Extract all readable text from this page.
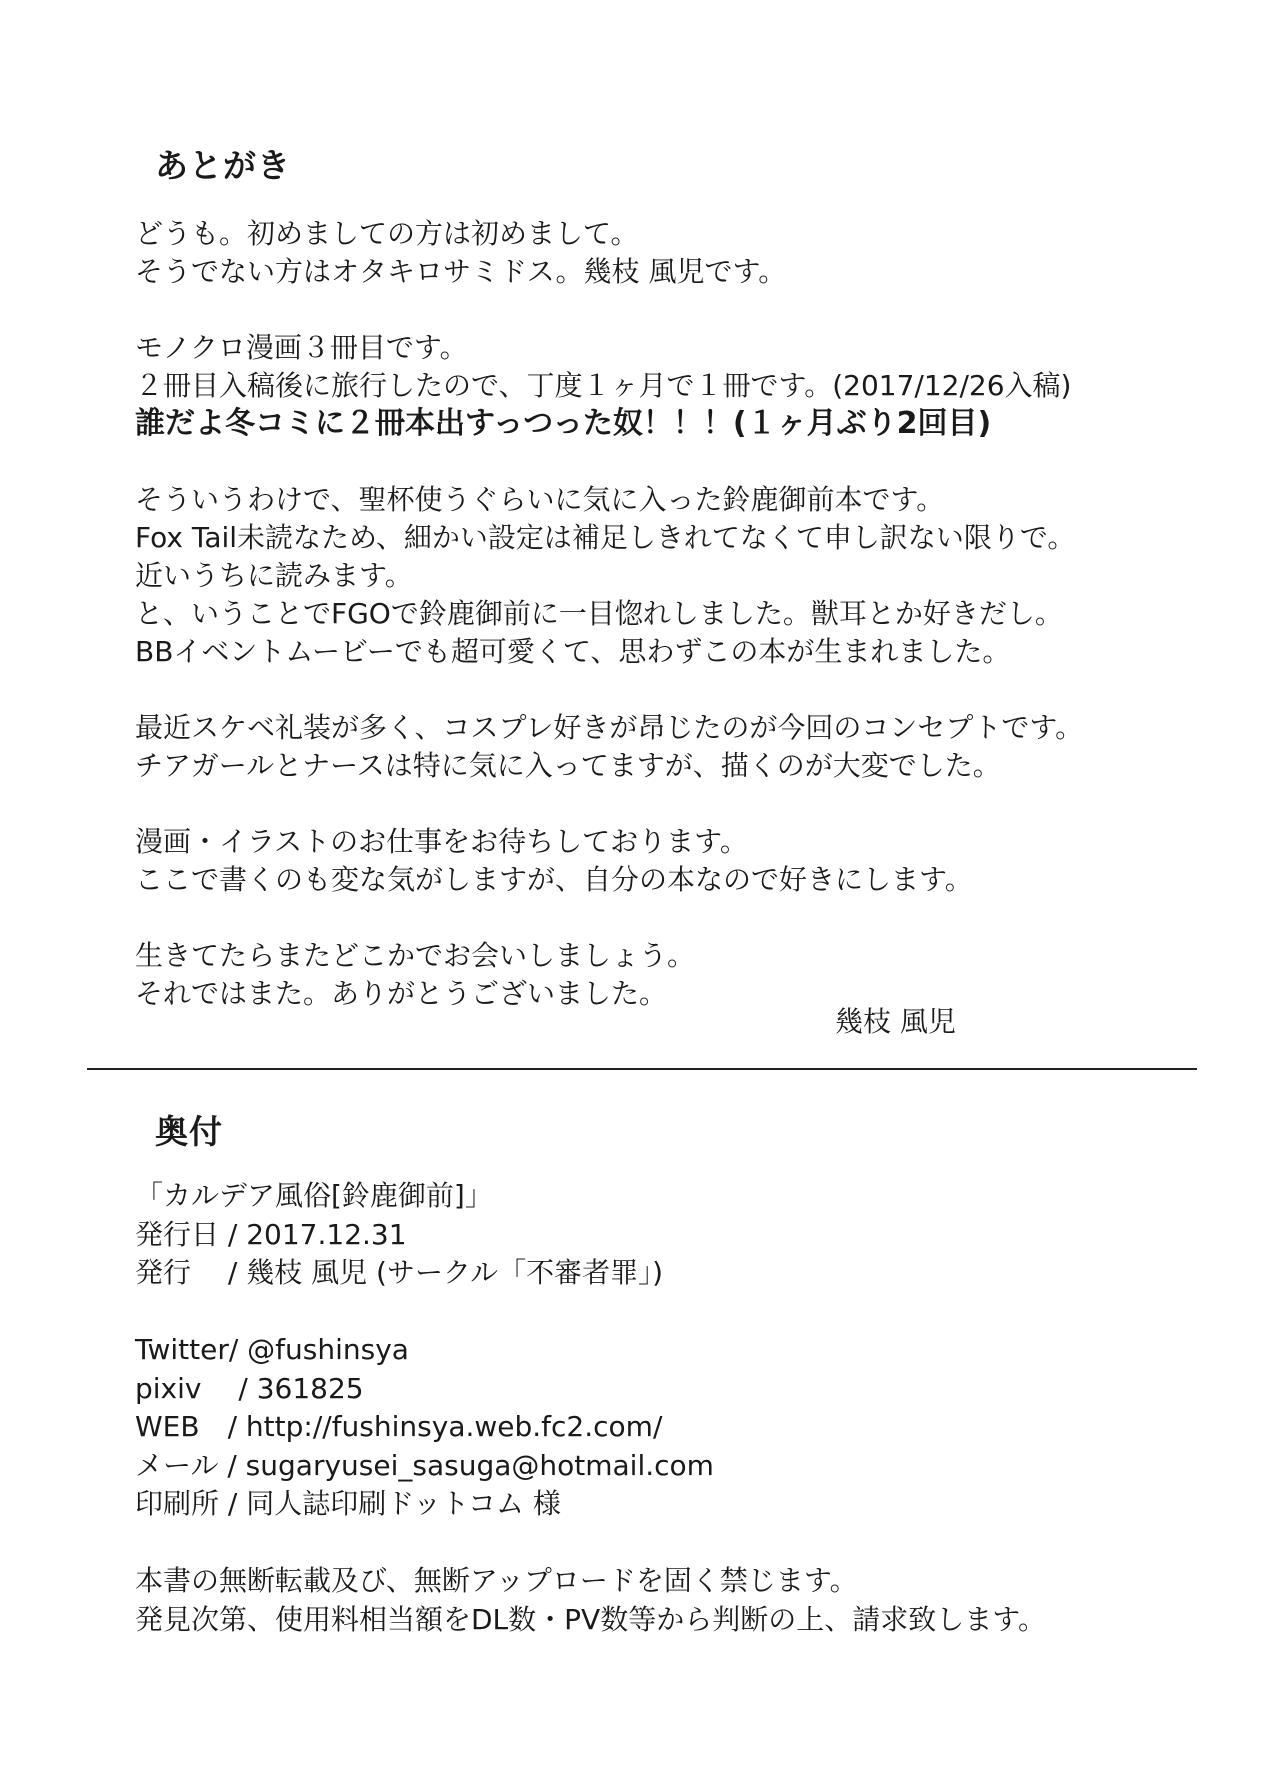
あとがき
どうも。初めましての方は初めまして。
そうでない方はオタキロサミドス。幾枝 風児です。
モノクロ漫画３冊目です。
２冊目入稿後に旅行したので、丁度１ヶ月で１冊です。(2017/12/26入稿)
誰だよ冬コミに２冊本出すっつった奴！！！(１ヶ月ぶり2回目)
そういうわけで、聖杯使うぐらいに気に入った鈴鹿御前本です。
Fox Tail未読なため、細かい設定は補足しきれてなくて申し訳ない限りで。
近いうちに読みます。
と、いうことでFGOで鈴鹿御前に一目惚れしました。獣耳とか好きだし。
BBイベントムービーでも超可愛くて、思わずこの本が生まれました。
最近スケベ礼装が多く、コスプレ好きが昂じたのが今回のコンセプトです。
チアガールとナースは特に気に入ってますが、描くのが大変でした。
漫画・イラストのお仕事をお待ちしております。
ここで書くのも変な気がしますが、自分の本なので好きにします。
生きてたらまたどこかでお会いしましょう。
それではまた。ありがとうございました。
幾枝 風児
奥付
「カルデア風俗[鈴鹿御前]」
発行日 / 2017.12.31
発行　 / 幾枝 風児 (サークル「不審者罪」)
Twitter/ @fushinsya
pixiv　 / 361825
WEB　/ http://fushinsya.web.fc2.com/
メール / sugaryusei_sasuga@hotmail.com
印刷所 / 同人誌印刷ドットコム 様
本書の無断転載及び、無断アップロードを固く禁じます。
発見次第、使用料相当額をDL数・PV数等から判断の上、請求致します。
